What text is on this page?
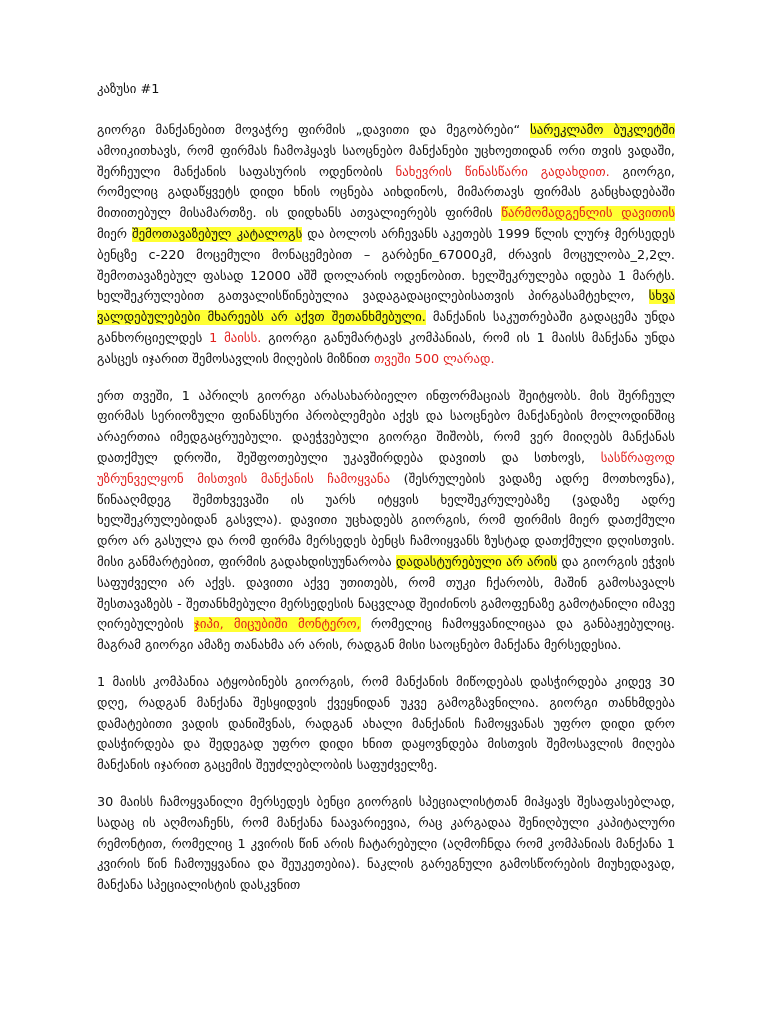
კაზუსი #1
გიორგი მანქანებით მოვაჭრე ფირმის „დავითი და მეგობრები“ სარეკლამო ბუკლეტში ამოიკითხავს, რომ ფირმას ჩამოჰყავს საოცნებო მანქანები უცხოეთიდან ორი თვის ვადაში, შერჩეული მანქანის საფასურის ოდენობის ნახევრის წინასწარი გადახდით. გიორგი, რომელიც გადაწყვეტს დიდი ხნის ოცნება აიხდინოს, მიმართავს ფირმას განცხადებაში მითითებულ მისამართზე. ის დიდხანს ათვალიერებს ფირმის წარმომადგენლის დავითის მიერ შემოთავაზებულ კატალოგს და ბოლოს არჩევანს აკეთებს 1999 წლის ლურჯ მერსედეს ბენცზე c-220 მოცემული მონაცემებით – გარბენი_67000კმ, ძრავის მოცულობა_2,2ლ. შემოთავაზებულ ფასად 12000 აშშ დოლარის ოდენობით. ხელშეკრულება იდება 1 მარტს. ხელშეკრულებით გათვალისწინებულია ვადაგადაცილებისათვის პირგასამტეხლო, სხვა ვალდებულებები მხარეებს არ აქვთ შეთანხმებული. მანქანის საკუთრებაში გადაცემა უნდა განხორციელდეს 1 მაისს. გიორგი განუმარტავს კომპანიას, რომ ის 1 მაისს მანქანა უნდა გასცეს იჯარით შემოსავლის მიღების მიზნით თვეში 500 ლარად.
ერთ თვეში, 1 აპრილს გიორგი არასახარბიელო ინფორმაციას შეიტყობს. მის შერჩეულ ფირმას სერიოზული ფინანსური პრობლემები აქვს და საოცნებო მანქანების მოლოდინშიც არაერთია იმედგაცრუებული. დაეჭვებული გიორგი შიშობს, რომ ვერ მიიღებს მანქანას დათქმულ დროში, შეშფოთებული უკავშირდება დავითს და სთხოვს, სასწრაფოდ უზრუნველყონ მისთვის მანქანის ჩამოყვანა (შესრულების ვადაზე ადრე მოთხოვნა), წინააღმდეგ შემთხვევაში ის უარს იტყვის ხელშეკრულებაზე (ვადაზე ადრე ხელშეკრულებიდან გასვლა). დავითი უცხადებს გიორგის, რომ ფირმის მიერ დათქმული დრო არ გასულა და რომ ფირმა მერსედეს ბენცს ჩამოიყვანს ზუსტად დათქმული დღისთვის. მისი განმარტებით, ფირმის გადახდისუუნარობა დადასტურებული არ არის და გიორგის ეჭვის საფუძველი არ აქვს. დავითი აქვე უთითებს, რომ თუკი ჩქარობს, მაშინ გამოსავალს შესთავაზებს - შეთანხმებული მერსედესის ნაცვლად შეიძინოს გამოფენაზე გამოტანილი იმავე ღირებულების ჯიპი, მიცუბიში მონტერო, რომელიც ჩამოყვანილიცაა და განბაჟებულიც. მაგრამ გიორგი ამაზე თანახმა არ არის, რადგან მისი საოცნებო მანქანა მერსედესია.
1 მაისს კომპანია ატყობინებს გიორგის, რომ მანქანის მიწოდებას დასჭირდება კიდევ 30 დღე, რადგან მანქანა შესყიდვის ქვეყნიდან უკვე გამოგზავნილია. გიორგი თანხმდება დამატებითი ვადის დანიშვნას, რადგან ახალი მანქანის ჩამოყვანას უფრო დიდი დრო დასჭირდება და შედეგად უფრო დიდი ხნით დაყოვნდება მისთვის შემოსავლის მიღება მანქანის იჯარით გაცემის შეუძლებლობის საფუძველზე.
30 მაისს ჩამოყვანილი მერსედეს ბენცი გიორგის სპეციალისტთან მიჰყავს შესაფასებლად, სადაც ის აღმოაჩენს, რომ მანქანა ნაავარიევია, რაც კარგადაა შენიღბული კაპიტალური რემონტით, რომელიც 1 კვირის წინ არის ჩატარებული (აღმოჩნდა რომ კომპანიას მანქანა 1 კვირის წინ ჩამოუყვანია და შეუკეთებია). ნაკლის გარეგნული გამოსწორების მიუხედავად, მანქანა სპეციალისტის დასკვნით
